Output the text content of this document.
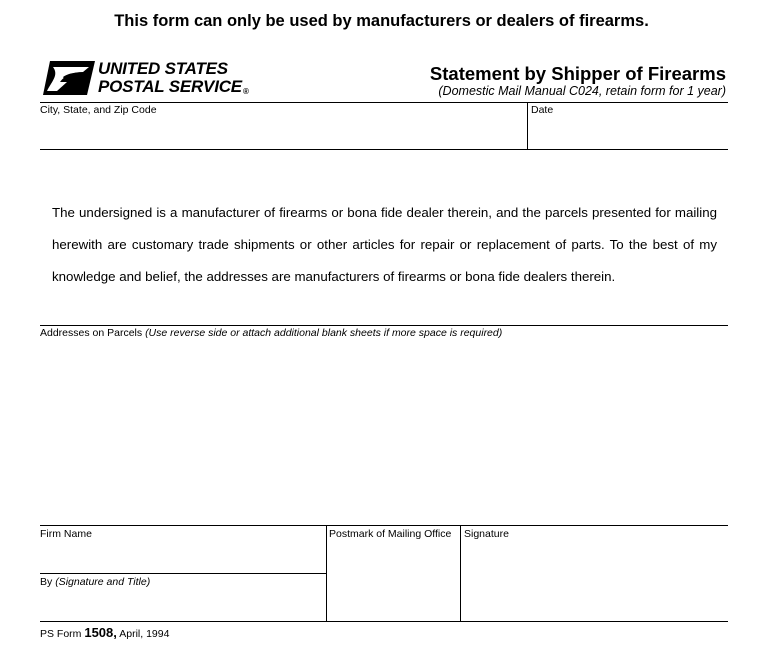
This form can only be used by manufacturers or dealers of firearms.
UNITED STATES
POSTAL SERVICE®
Statement by Shipper of Firearms
(Domestic Mail Manual C024, retain form for 1 year)
City, State, and Zip Code	Date
The undersigned is a manufacturer of firearms or bona fide dealer therein, and the parcels presented for mailing herewith are customary trade shipments or other articles for repair or replacement of parts. To the best of my knowledge and belief, the addresses are manufacturers of firearms or bona fide dealers therein.
Addresses on Parcels (Use reverse side or attach additional blank sheets if more space is required)
Firm Name
By (Signature and Title)
Postmark of Mailing Office Signature
PS Form 1508, April, 1994
